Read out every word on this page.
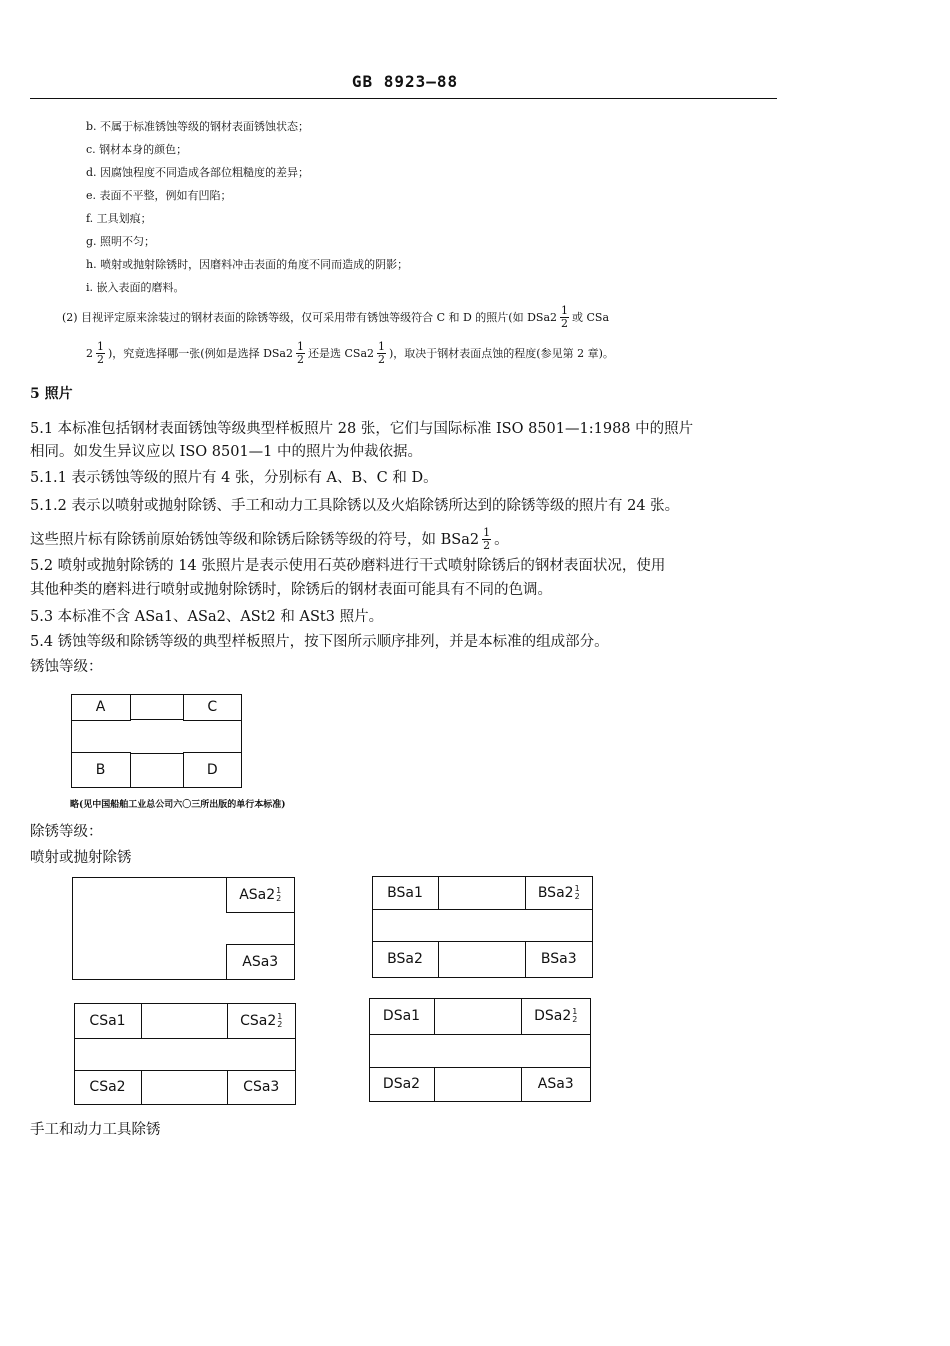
GB 8923—88
b. 不属于标准锈蚀等级的钢材表面锈蚀状态；
c. 钢材本身的颜色；
d. 因腐蚀程度不同造成各部位粗糙度的差异；
e. 表面不平整，例如有凹陷；
f. 工具划痕；
g. 照明不匀；
h. 喷射或抛射除锈时，因磨料冲击表面的角度不同而造成的阴影；
i. 嵌入表面的磨料。
(2) 目视评定原来涂装过的钢材表面的除锈等级，仅可采用带有锈蚀等级符合 C 和 D 的照片(如 $DSa2 \frac{1}{2}$ 或 CSa
$2 \frac{1}{2}$ )，究竟选择哪一张(例如是选择 $DSa2 \frac{1}{2}$ 还是选 $CSa2 \frac{1}{2}$ )，取决于钢材表面点蚀的程度(参见第 2 章)。
5 照片
5.1 本标准包括钢材表面锈蚀等级典型样板照片 28 张，它们与国际标准 ISO 8501—1:1988 中的照片
相同。如发生异议应以 ISO 8501—1 中的照片为仲裁依据。
5.1.1 表示锈蚀等级的照片有 4 张，分别标有 A、B、C 和 D。
5.1.2 表示以喷射或抛射除锈、手工和动力工具除锈以及火焰除锈所达到的除锈等级的照片有 24 张。
这些照片标有除锈前原始锈蚀等级和除锈后除锈等级的符号，如 $BSa2 \frac{1}{2}$ 。
5.2 喷射或抛射除锈的 14 张照片是表示使用石英砂磨料进行干式喷射除锈后的钢材表面状况，使用
其他种类的磨料进行喷射或抛射除锈时，除锈后的钢材表面可能具有不同的色调。
5.3 本标准不含 ASa1、ASa2、ASt2 和 ASt3 照片。
5.4 锈蚀等级和除锈等级的典型样板照片，按下图所示顺序排列，并是本标准的组成部分。
锈蚀等级：
A	C
B	D
略(见中国船舶工业总公司六〇三所出版的单行本标准)
除锈等级：
喷射或抛射除锈
ASa2 1
2
ASa3
BSa1	BSa2 1
2
BSa2	BSa3
CSa1	CSa2 1
2
CSa2	CSa3
DSa1	DSa2 1
2
DSa2	ASa3
手工和动力工具除锈
